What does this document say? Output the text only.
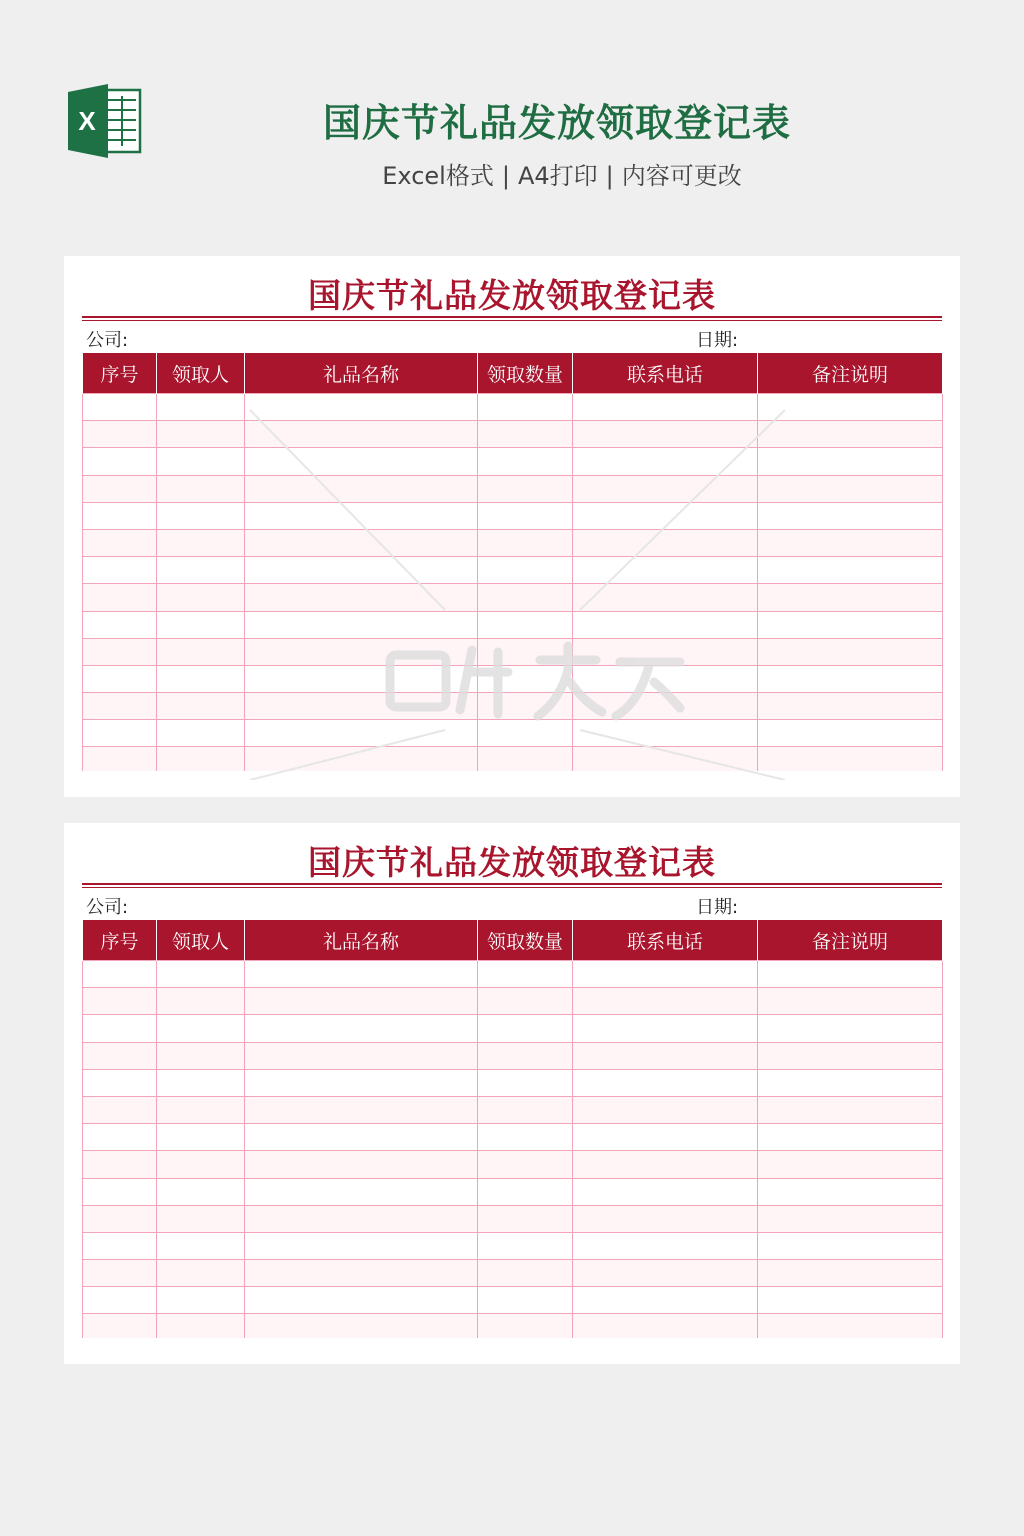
X	国庆节礼品发放领取登记表
Excel格式 | A4打印 | 内容可更改
国庆节礼品发放领取登记表
公司:	日期:
序号	领取人	礼品名称	领取数量	联系电话	备注说明

国庆节礼品发放领取登记表
公司:	日期:
序号	领取人	礼品名称	领取数量	联系电话	备注说明
